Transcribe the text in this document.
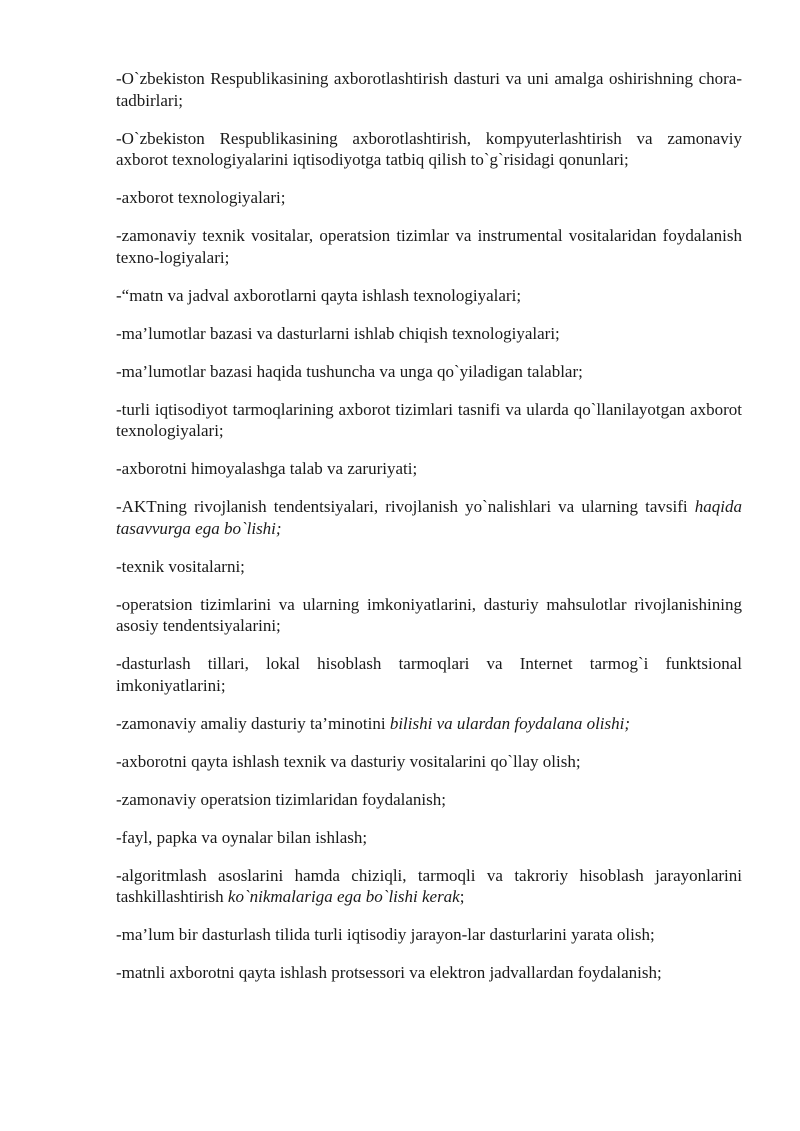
-O`zbekiston Respublikasining axborotlashtirish dasturi va uni amalga oshirishning chora-tadbirlari;

-O`zbekiston Respublikasining axborotlashtirish, kompyuterlashtirish va zamonaviy axborot texnologiyalarini iqtisodiyotga tatbiq qilish to`g`risidagi qonunlari;

-axborot texnologiyalari;

-zamonaviy texnik vositalar, operatsion tizimlar va instrumental vositalaridan foydalanish texno-logiyalari;

-“matn va jadval axborotlarni qayta ishlash texnologiyalari;

-ma’lumotlar bazasi va dasturlarni ishlab chiqish texnologiyalari;

-ma’lumotlar bazasi haqida tushuncha va unga qo`yiladigan talablar;

-turli iqtisodiyot tarmoqlarining axborot tizimlari tasnifi va ularda qo`llanilayotgan axborot texnologiyalari;

-axborotni himoyalashga talab va zaruriyati;

-AKTning rivojlanish tendentsiyalari, rivojlanish yo`nalishlari va ularning tavsifi haqida tasavvurga ega bo`lishi;

-texnik vositalarni;

-operatsion tizimlarini va ularning imkoniyatlarini, dasturiy mahsulotlar rivojlanishining asosiy tendentsiyalarini;

-dasturlash tillari, lokal hisoblash tarmoqlari va Internet tarmog`i funktsional imkoniyatlarini;

-zamonaviy amaliy dasturiy ta’minotini bilishi va ulardan foydalana olishi;

-axborotni qayta ishlash texnik va dasturiy vositalarini qo`llay olish;

-zamonaviy operatsion tizimlaridan foydalanish;

-fayl, papka va oynalar bilan ishlash;

-algoritmlash asoslarini hamda chiziqli, tarmoqli va takroriy hisoblash jarayonlarini tashkillashtirish ko`nikmalariga ega bo`lishi kerak;

-ma’lum bir dasturlash tilida turli iqtisodiy jarayon-lar dasturlarini yarata olish;

-matnli axborotni qayta ishlash protsessori va elektron jadvallardan foydalanish;
